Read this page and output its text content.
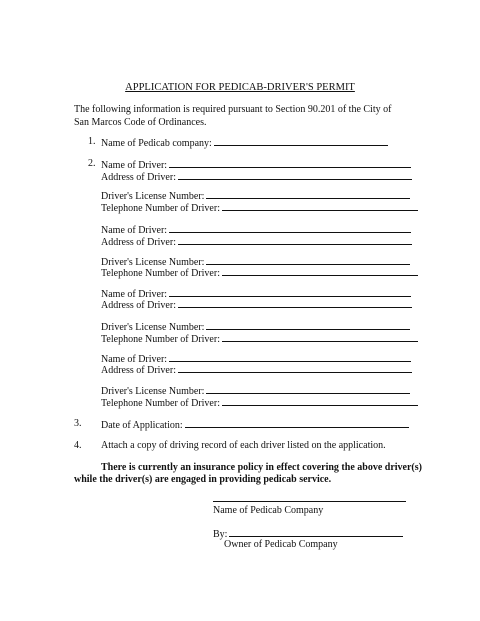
APPLICATION FOR PEDICAB-DRIVER'S PERMIT
The following information is required pursuant to Section 90.201 of the City of San Marcos Code of Ordinances.
1. Name of Pedicab company:
2. Name of Driver:
Address of Driver:
Driver's License Number:
Telephone Number of Driver:
Name of Driver:
Address of Driver:
Driver's License Number:
Telephone Number of Driver:
Name of Driver:
Address of Driver:
Driver's License Number:
Telephone Number of Driver:
Name of Driver:
Address of Driver:
Driver's License Number:
Telephone Number of Driver:
3. Date of Application:
4. Attach a copy of driving record of each driver listed on the application.
There is currently an insurance policy in effect covering the above driver(s)
while the driver(s) are engaged in providing pedicab service.
Name of Pedicab Company
By:
Owner of Pedicab Company
